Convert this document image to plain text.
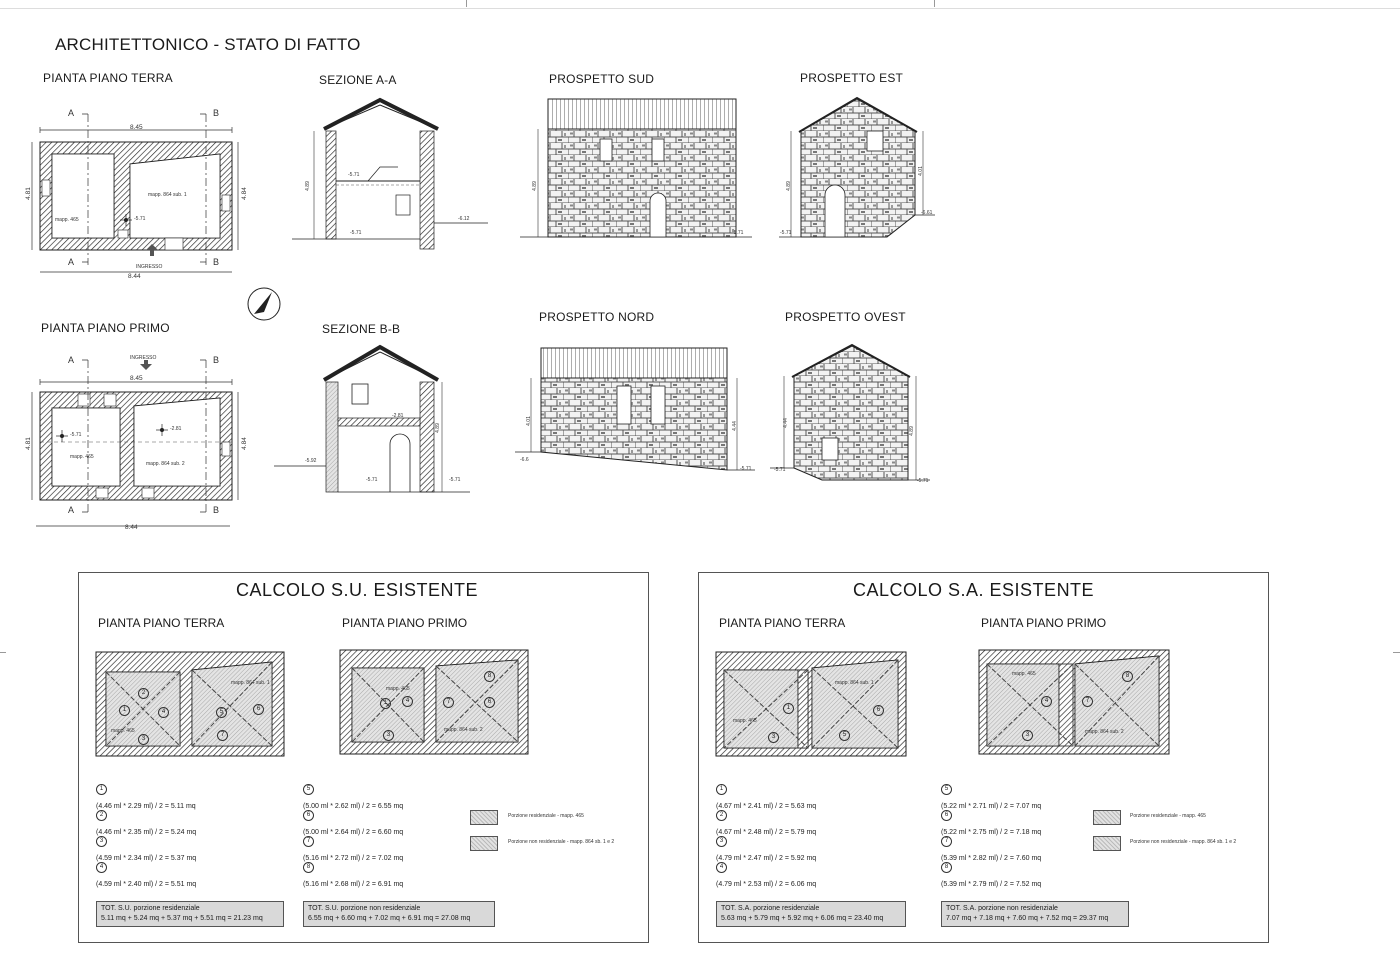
ARCHITETTONICO - STATO DI FATTO
PIANTA PIANO TERRA
8.45
8.44
4.81	4.84
A	B
A	B
mapp. 465
mapp. 864 sub. 1
-5.71
INGRESSO
PIANTA PIANO PRIMO
INGRESSO
8.45
8.44
4.81	4.84
A	B
A	B
mapp. 465
mapp. 864 sub. 2
-5.71
-2.81
SEZIONE A-A
4.89
-5.71
-5.71
-6.12
SEZIONE B-B
-2.81
-5.71	-5.71
-5.92
4.89
PROSPETTO SUD
4.89
-5.71
PROSPETTO EST
4.89
4.01
-5.71
-6.61
PROSPETTO NORD
4.01
4.44
-6.6
-5.71
PROSPETTO OVEST
4.44
4.89
-5.71
-5.71
CALCOLO S.U. ESISTENTE
PIANTA PIANO TERRA	PIANTA PIANO PRIMO
mapp. 465
mapp. 864 sub. 1
mapp. 465
mapp. 864 sub. 2
1
(4.46 ml * 2.29 ml) / 2 = 5.11 mq
2
(4.46 ml * 2.35 ml) / 2 = 5.24 mq
3
(4.59 ml * 2.34 ml) / 2 = 5.37 mq
4
(4.59 ml * 2.40 ml) / 2 = 5.51 mq
5
(5.00 ml * 2.62 ml) / 2 = 6.55 mq
6
(5.00 ml * 2.64 ml) / 2 = 6.60 mq
7
(5.16 ml * 2.72 ml) / 2 = 7.02 mq
8
(5.16 ml * 2.68 ml) / 2 = 6.91 mq
Porzione residenziale - mapp. 465
Porzione non residenziale - mapp. 864 sb. 1 e 2
TOT. S.U. porzione residenziale
5.11 mq + 5.24 mq + 5.37 mq + 5.51 mq = 21.23 mq
TOT. S.U. porzione non residenziale
6.55 mq + 6.60 mq + 7.02 mq + 6.91 mq = 27.08 mq
CALCOLO S.A. ESISTENTE
PIANTA PIANO TERRA	PIANTA PIANO PRIMO
mapp. 465
mapp. 864 sub. 1
mapp. 465
mapp. 864 sub. 2
1
(4.67 ml * 2.41 ml) / 2 = 5.63 mq
2
(4.67 ml * 2.48 ml) / 2 = 5.79 mq
3
(4.79 ml * 2.47 ml) / 2 = 5.92 mq
4
(4.79 ml * 2.53 ml) / 2 = 6.06 mq
5
(5.22 ml * 2.71 ml) / 2 = 7.07 mq
6
(5.22 ml * 2.75 ml) / 2 = 7.18 mq
7
(5.39 ml * 2.82 ml) / 2 = 7.60 mq
8
(5.39 ml * 2.79 ml) / 2 = 7.52 mq
Porzione residenziale - mapp. 465
Porzione non residenziale - mapp. 864 sb. 1 e 2
TOT. S.A. porzione residenziale
5.63 mq + 5.79 mq + 5.92 mq + 6.06 mq = 23.40 mq
TOT. S.A. porzione non residenziale
7.07 mq + 7.18 mq + 7.60 mq + 7.52 mq = 29.37 mq
1
2
4
3
5	6
7	3
4
1	7
8
6
1
3
6
5
4
3
7
8
